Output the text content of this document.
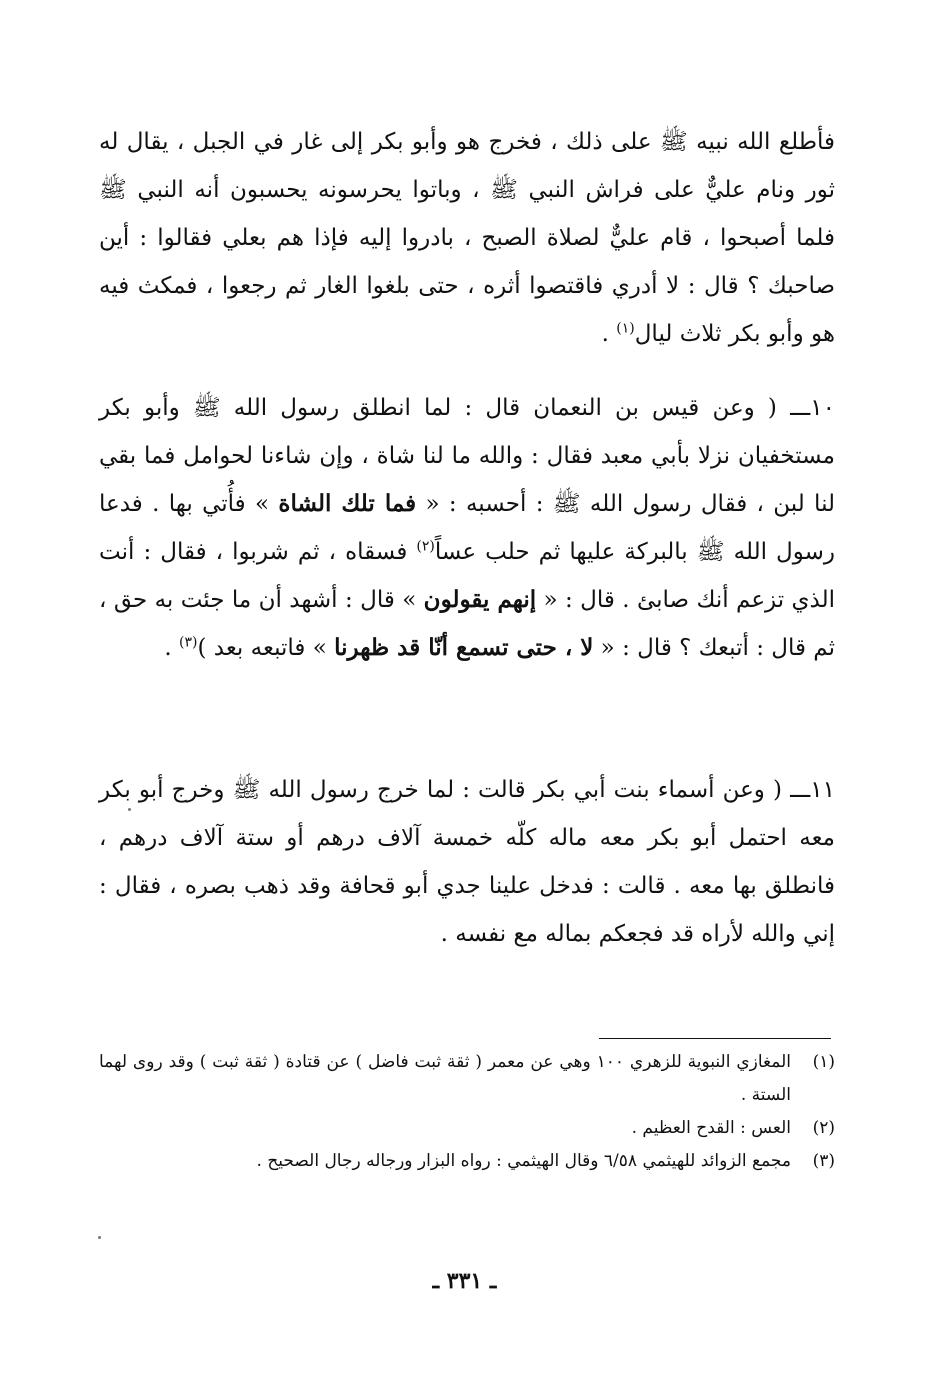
فأطلع الله نبيه ﷺ على ذلك ، فخرج هو وأبو بكر إلى غار في الجبل ، يقال له ثور ونام عليٌّ على فراش النبي ﷺ ، وباتوا يحرسونه يحسبون أنه النبي ﷺ فلما أصبحوا ، قام عليٌّ لصلاة الصبح ، بادروا إليه فإذا هم بعلي فقالوا : أين صاحبك ؟ قال : لا أدري فاقتصوا أثره ، حتى بلغوا الغار ثم رجعوا ، فمكث فيه هو وأبو بكر ثلاث ليال$^{(١)}$ .
١٠ـــ ( وعن قيس بن النعمان قال : لما انطلق رسول الله ﷺ وأبو بكر مستخفيان نزلا بأبي معبد فقال : والله ما لنا شاة ، وإن شاءنا لحوامل فما بقي لنا لبن ، فقال رسول الله ﷺ : أحسبه : « فما تلك الشاة » فأُتي بها . فدعا رسول الله ﷺ بالبركة عليها ثم حلب عساً$^{(٢)}$ فسقاه ، ثم شربوا ، فقال : أنت الذي تزعم أنك صابئ . قال : « إنهم يقولون » قال : أشهد أن ما جئت به حق ، ثم قال : أتبعك ؟ قال : « لا ، حتى تسمع أنّا قد ظهرنا » فاتبعه بعد )$^{(٣)}$ .
١١ـــ ( وعن أسماء بنت أبي بكر قالت : لما خرج رسول الله ﷺ وخرج أبو بكر معه احتمل أبو بكر معه ماله كلّه خمسة آلاف درهم أو ستة آلاف درهم ، فانطلق بها معه . قالت : فدخل علينا جدي أبو قحافة وقد ذهب بصره ، فقال : إني والله لأراه قد فجعكم بماله مع نفسه .
(١)
المغازي النبوية للزهري ١٠٠ وهي عن معمر ( ثقة ثبت فاضل ) عن قتادة ( ثقة ثبت ) وقد روى لهما الستة .
(٢)
العس : القدح العظيم .
(٣)
مجمع الزوائد للهيثمي ٦/٥٨ وقال الهيثمي : رواه البزار ورجاله رجال الصحيح .
ـ ٣٣١ ـ
